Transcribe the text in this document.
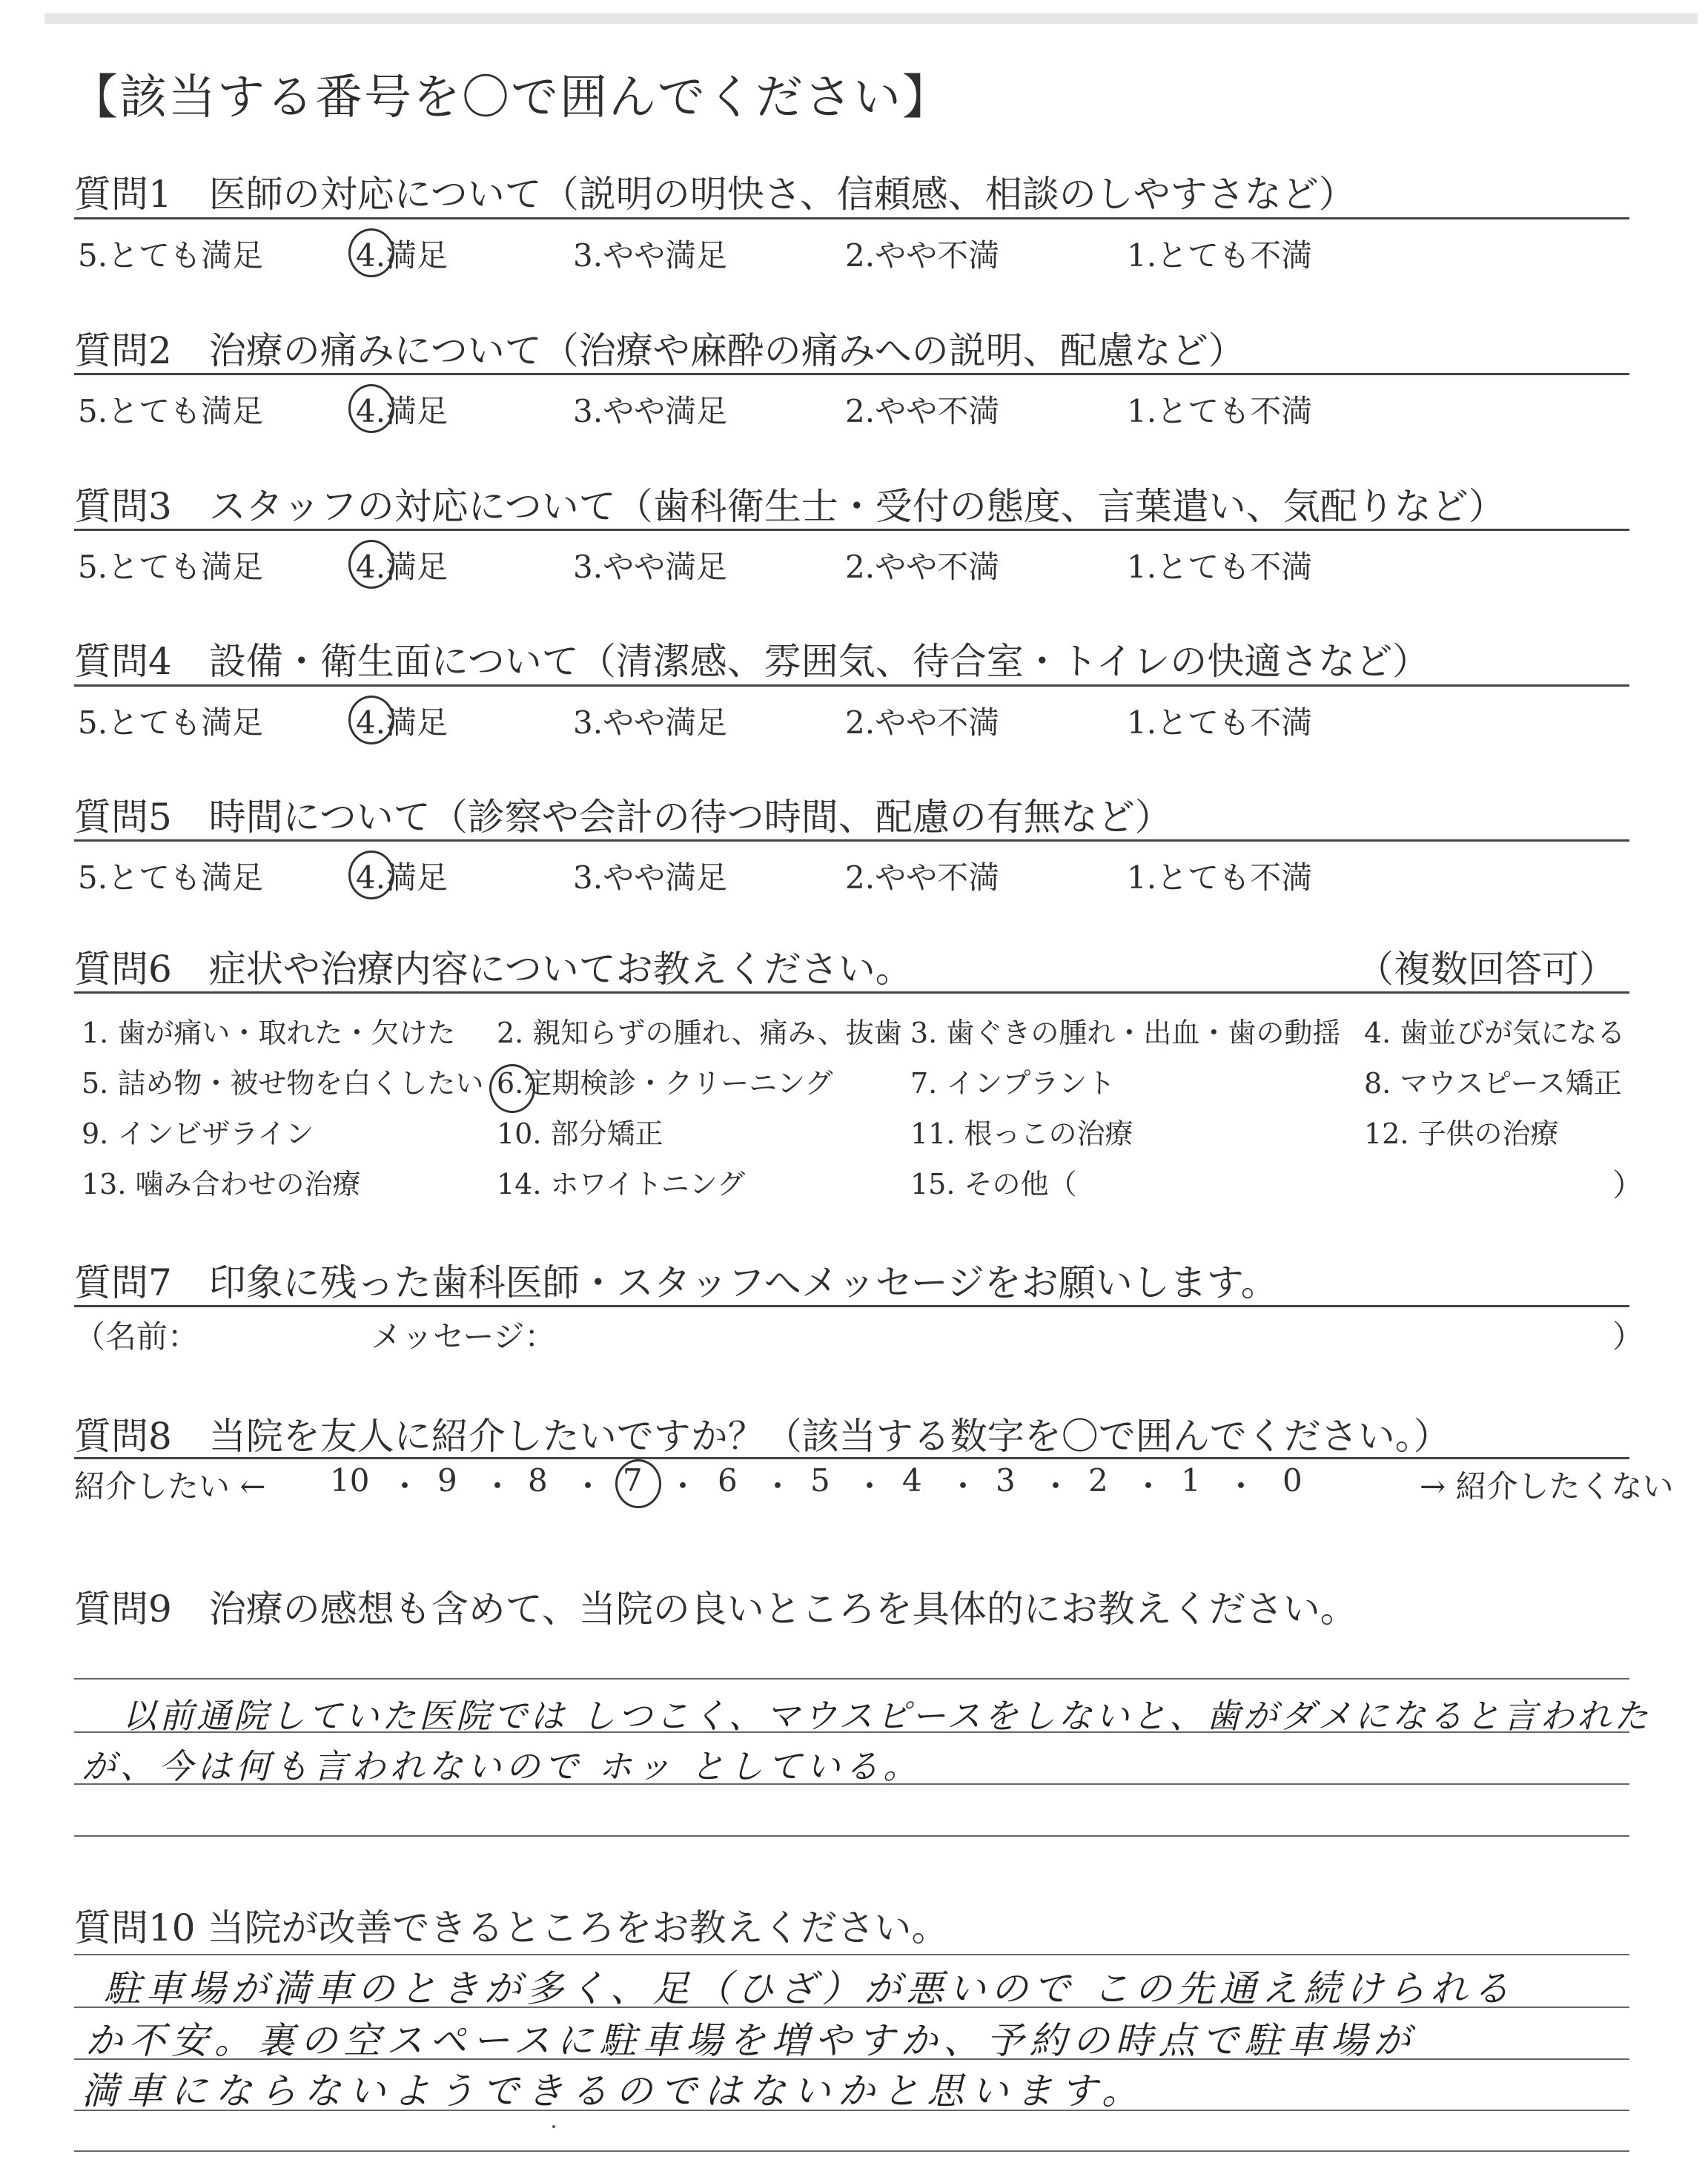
【該当する番号を〇で囲んでください】
質問1　医師の対応について（説明の明快さ、信頼感、相談のしやすさなど）
5.とても満足	4.満足	3.やや満足	2.やや不満	1.とても不満
質問2　治療の痛みについて（治療や麻酔の痛みへの説明、配慮など）
5.とても満足	4.満足	3.やや満足	2.やや不満	1.とても不満
質問3　スタッフの対応について（歯科衛生士・受付の態度、言葉遣い、気配りなど）
5.とても満足	4.満足	3.やや満足	2.やや不満	1.とても不満
質問4　設備・衛生面について（清潔感、雰囲気、待合室・トイレの快適さなど）
5.とても満足	4.満足	3.やや満足	2.やや不満	1.とても不満
質問5　時間について（診察や会計の待つ時間、配慮の有無など）
5.とても満足	4.満足	3.やや満足	2.やや不満	1.とても不満
質問6　症状や治療内容についてお教えください。	（複数回答可）
1. 歯が痛い・取れた・欠けた 2. 親知らずの腫れ、痛み、抜歯 3. 歯ぐきの腫れ・出血・歯の動揺 4. 歯並びが気になる
5. 詰め物・被せ物を白くしたい 6.定期検診・クリーニング	7. インプラント	8. マウスピース矯正
9. インビザライン	10. 部分矯正	11. 根っこの治療	12. 子供の治療
13. 噛み合わせの治療	14. ホワイトニング	15. その他（	）
質問7　印象に残った歯科医師・スタッフへメッセージをお願いします。
（名前：	メッセージ：	）
質問8　当院を友人に紹介したいですか？（該当する数字を〇で囲んでください。）
紹介したい ← 10 ・ 9 ・ 8 ・ 7 ・ 6 ・ 5 ・ 4 ・ 3 ・ 2 ・ 1 ・ 0	→ 紹介したくない
質問9　治療の感想も含めて、当院の良いところを具体的にお教えください。
以前通院していた医院では しつこく、マウスピースをしないと、歯がダメになると言われた
が、今は何も言われないので ホッ としている。
質問10 当院が改善できるところをお教えください。
駐車場が満車のときが多く、足（ひざ）が悪いので この先通え続けられる
か不安。裏の空スペースに駐車場を増やすか、予約の時点で駐車場が
満車にならないようできるのではないかと思います。
